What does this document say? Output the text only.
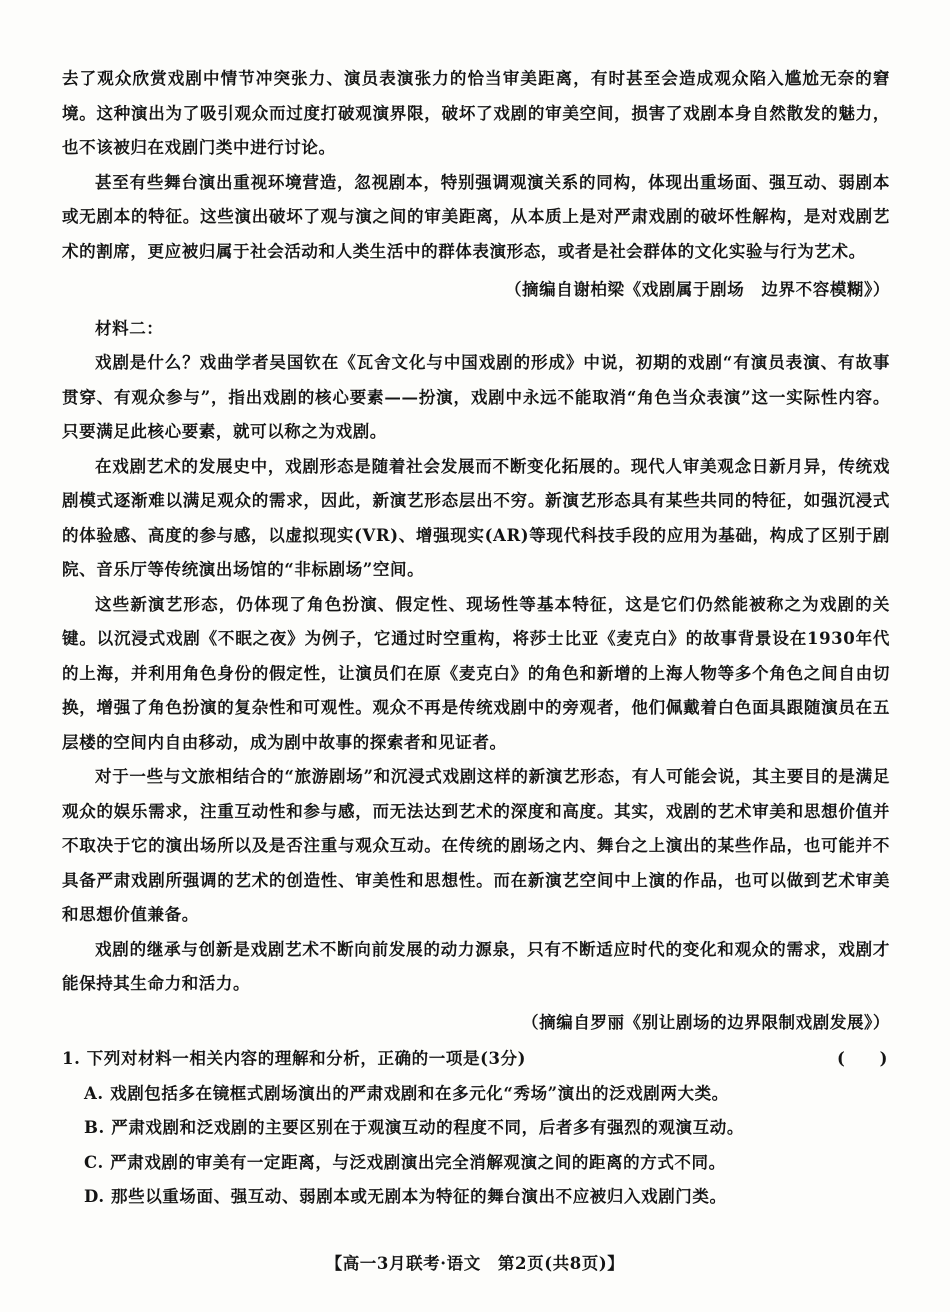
去了观众欣赏戏剧中情节冲突张力、演员表演张力的恰当审美距离，有时甚至会造成观众陷入尴尬无奈的窘境。这种演出为了吸引观众而过度打破观演界限，破坏了戏剧的审美空间，损害了戏剧本身自然散发的魅力，也不该被归在戏剧门类中进行讨论。

甚至有些舞台演出重视环境营造，忽视剧本，特别强调观演关系的同构，体现出重场面、强互动、弱剧本或无剧本的特征。这些演出破坏了观与演之间的审美距离，从本质上是对严肃戏剧的破坏性解构，是对戏剧艺术的割席，更应被归属于社会活动和人类生活中的群体表演形态，或者是社会群体的文化实验与行为艺术。

（摘编自谢柏梁《戏剧属于剧场　边界不容模糊》）

材料二：

戏剧是什么？戏曲学者吴国钦在《瓦舍文化与中国戏剧的形成》中说，初期的戏剧“有演员表演、有故事贯穿、有观众参与”，指出戏剧的核心要素——扮演，戏剧中永远不能取消“角色当众表演”这一实际性内容。只要满足此核心要素，就可以称之为戏剧。

在戏剧艺术的发展史中，戏剧形态是随着社会发展而不断变化拓展的。现代人审美观念日新月异，传统戏剧模式逐渐难以满足观众的需求，因此，新演艺形态层出不穷。新演艺形态具有某些共同的特征，如强沉浸式的体验感、高度的参与感，以虚拟现实(VR)、增强现实(AR)等现代科技手段的应用为基础，构成了区别于剧院、音乐厅等传统演出场馆的“非标剧场”空间。

这些新演艺形态，仍体现了角色扮演、假定性、现场性等基本特征，这是它们仍然能被称之为戏剧的关键。以沉浸式戏剧《不眠之夜》为例子，它通过时空重构，将莎士比亚《麦克白》的故事背景设在1930年代的上海，并利用角色身份的假定性，让演员们在原《麦克白》的角色和新增的上海人物等多个角色之间自由切换，增强了角色扮演的复杂性和可观性。观众不再是传统戏剧中的旁观者，他们佩戴着白色面具跟随演员在五层楼的空间内自由移动，成为剧中故事的探索者和见证者。

对于一些与文旅相结合的“旅游剧场”和沉浸式戏剧这样的新演艺形态，有人可能会说，其主要目的是满足观众的娱乐需求，注重互动性和参与感，而无法达到艺术的深度和高度。其实，戏剧的艺术审美和思想价值并不取决于它的演出场所以及是否注重与观众互动。在传统的剧场之内、舞台之上演出的某些作品，也可能并不具备严肃戏剧所强调的艺术的创造性、审美性和思想性。而在新演艺空间中上演的作品，也可以做到艺术审美和思想价值兼备。

戏剧的继承与创新是戏剧艺术不断向前发展的动力源泉，只有不断适应时代的变化和观众的需求，戏剧才能保持其生命力和活力。

（摘编自罗丽《别让剧场的边界限制戏剧发展》）

1. 下列对材料一相关内容的理解和分析，正确的一项是(3分)	(　　)

A. 戏剧包括多在镜框式剧场演出的严肃戏剧和在多元化“秀场”演出的泛戏剧两大类。

B. 严肃戏剧和泛戏剧的主要区别在于观演互动的程度不同，后者多有强烈的观演互动。

C. 严肃戏剧的审美有一定距离，与泛戏剧演出完全消解观演之间的距离的方式不同。

D. 那些以重场面、强互动、弱剧本或无剧本为特征的舞台演出不应被归入戏剧门类。

【高一3月联考·语文　第2页(共8页)】
